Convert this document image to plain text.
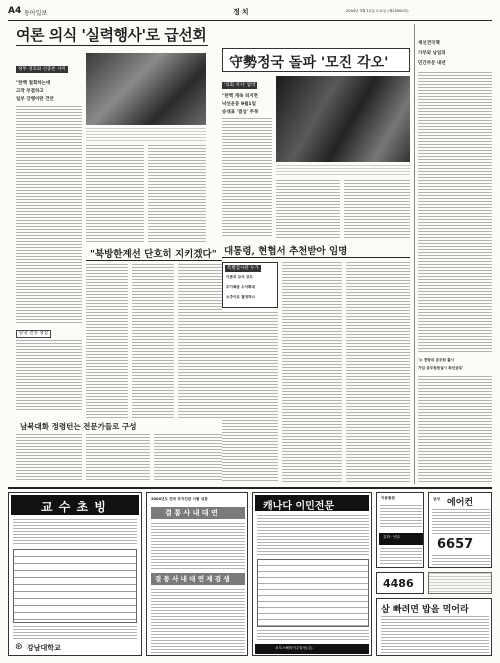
A4 동아일보	정치	2004년 3월 12일 토요일 (제25000호)
여론 의식 '실력행사'로 급선회
정부 경호와 신중론 사이
"탄핵 철회하는데
고작 부결하고
일부 강행이란 건안
탈당 결정 쟁점
"북방한계선 단호히 지키겠다"
남북대화 정령턴는 전문가들로 구성
守勢정국 돌파 '모진 각오'
'의회 저지' 압박
"탄핵 게속 피지면
낙선운동 9월1일
송대표 '결심' 주목
대통령, 현협서 추천받아 임명
특별감사관 누가
이론의 교사 강도
주가폭등 수사확대
소추이유 결정하나
재선견국책
가부와 낭일의
민간부문 내년
'노 전방위 공무원 불시
가입 공무원원실시 회선공로'
교 수 초 빙
⊛ 강남대학교
2004년도 전국 부지간관 시험 성관
결 통 사 내 대 연
결 통 사 내 대 연 제 검 생
캐나다 이민전문
코모스해외이주알선(주)
이동통원
유학 · 연수
삼성 에어컨
6657
4486
살 빠려면 밥을 먹어라
